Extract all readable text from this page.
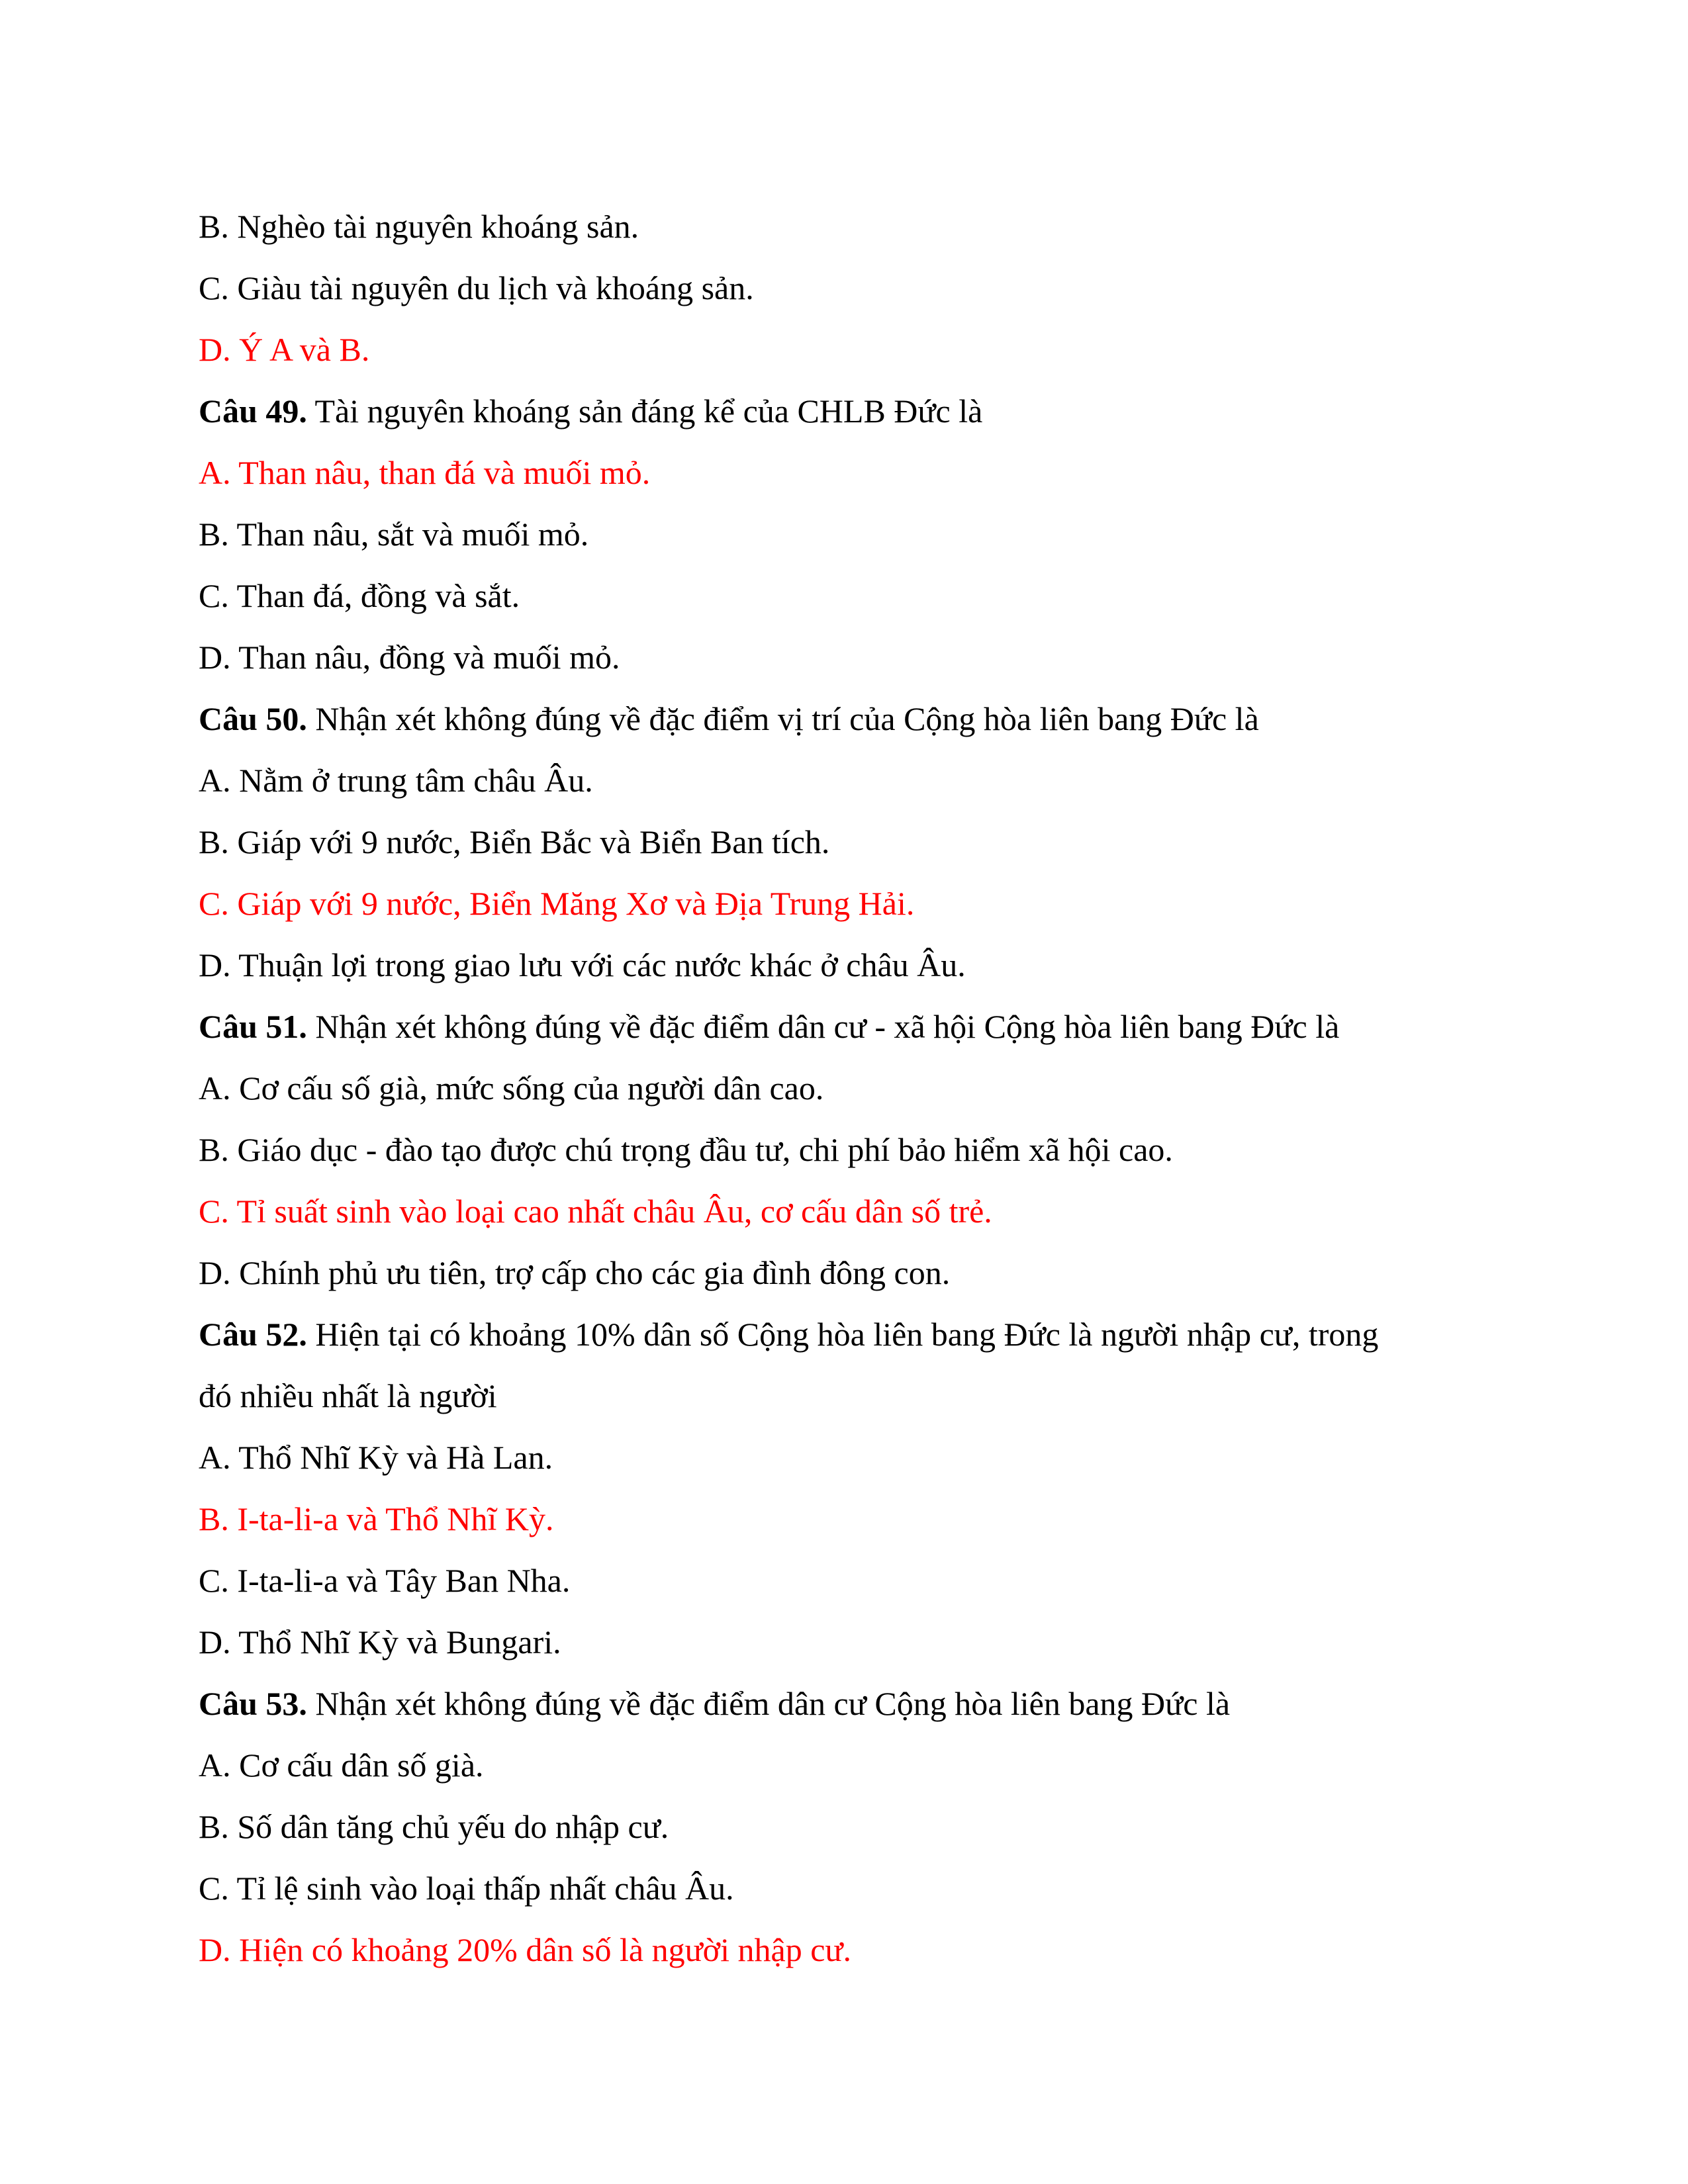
B. Nghèo tài nguyên khoáng sản.
C. Giàu tài nguyên du lịch và khoáng sản.
D. Ý A và B.
Câu 49. Tài nguyên khoáng sản đáng kể của CHLB Đức là
A. Than nâu, than đá và muối mỏ.
B. Than nâu, sắt và muối mỏ.
C. Than đá, đồng và sắt.
D. Than nâu, đồng và muối mỏ.
Câu 50. Nhận xét không đúng về đặc điểm vị trí của Cộng hòa liên bang Đức là
A. Nằm ở trung tâm châu Âu.
B. Giáp với 9 nước, Biển Bắc và Biển Ban tích.
C. Giáp với 9 nước, Biển Măng Xơ và Địa Trung Hải.
D. Thuận lợi trong giao lưu với các nước khác ở châu Âu.
Câu 51. Nhận xét không đúng về đặc điểm dân cư - xã hội Cộng hòa liên bang Đức là
A. Cơ cấu số già, mức sống của người dân cao.
B. Giáo dục - đào tạo được chú trọng đầu tư, chi phí bảo hiểm xã hội cao.
C. Tỉ suất sinh vào loại cao nhất châu Âu, cơ cấu dân số trẻ.
D. Chính phủ ưu tiên, trợ cấp cho các gia đình đông con.
Câu 52. Hiện tại có khoảng 10% dân số Cộng hòa liên bang Đức là người nhập cư, trong
đó nhiều nhất là người
A. Thổ Nhĩ Kỳ và Hà Lan.
B. I-ta-li-a và Thổ Nhĩ Kỳ.
C. I-ta-li-a và Tây Ban Nha.
D. Thổ Nhĩ Kỳ và Bungari.
Câu 53. Nhận xét không đúng về đặc điểm dân cư Cộng hòa liên bang Đức là
A. Cơ cấu dân số già.
B. Số dân tăng chủ yếu do nhập cư.
C. Tỉ lệ sinh vào loại thấp nhất châu Âu.
D. Hiện có khoảng 20% dân số là người nhập cư.
